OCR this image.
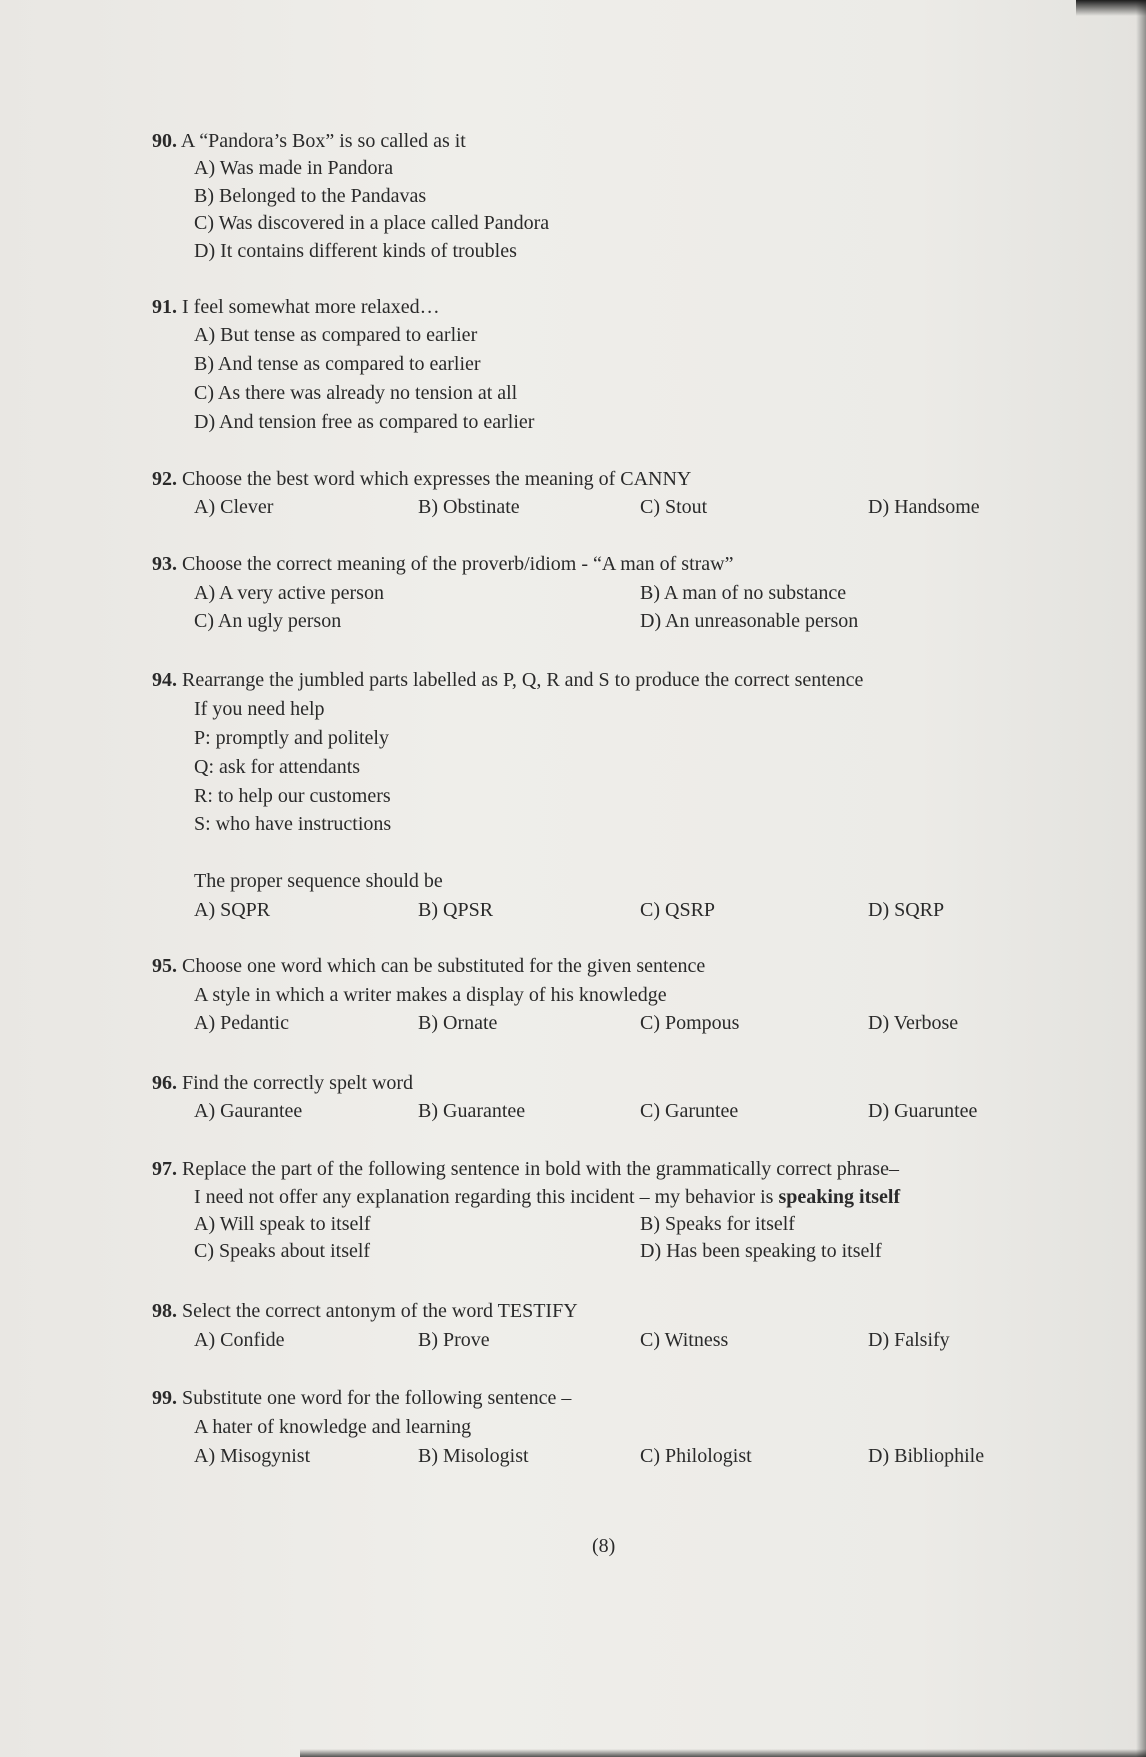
90. A “Pandora’s Box” is so called as it
A) Was made in Pandora
B) Belonged to the Pandavas
C) Was discovered in a place called Pandora
D) It contains different kinds of troubles
91. I feel somewhat more relaxed…
A) But tense as compared to earlier
B) And tense as compared to earlier
C) As there was already no tension at all
D) And tension free as compared to earlier
92. Choose the best word which expresses the meaning of CANNY
A) Clever	B) Obstinate	C) Stout	D) Handsome
93. Choose the correct meaning of the proverb/idiom - “A man of straw”
A) A very active person	B) A man of no substance
C) An ugly person	D) An unreasonable person
94. Rearrange the jumbled parts labelled as P, Q, R and S to produce the correct sentence
If you need help
P: promptly and politely
Q: ask for attendants
R: to help our customers
S: who have instructions
The proper sequence should be
A) SQPR	B) QPSR	C) QSRP	D) SQRP
95. Choose one word which can be substituted for the given sentence
A style in which a writer makes a display of his knowledge
A) Pedantic	B) Ornate	C) Pompous	D) Verbose
96. Find the correctly spelt word
A) Gaurantee	B) Guarantee	C) Garuntee	D) Guaruntee
97. Replace the part of the following sentence in bold with the grammatically correct phrase–
I need not offer any explanation regarding this incident – my behavior is speaking itself
A) Will speak to itself	B) Speaks for itself
C) Speaks about itself	D) Has been speaking to itself
98. Select the correct antonym of the word TESTIFY
A) Confide	B) Prove	C) Witness	D) Falsify
99. Substitute one word for the following sentence –
A hater of knowledge and learning
A) Misogynist	B) Misologist	C) Philologist	D) Bibliophile
(8)
